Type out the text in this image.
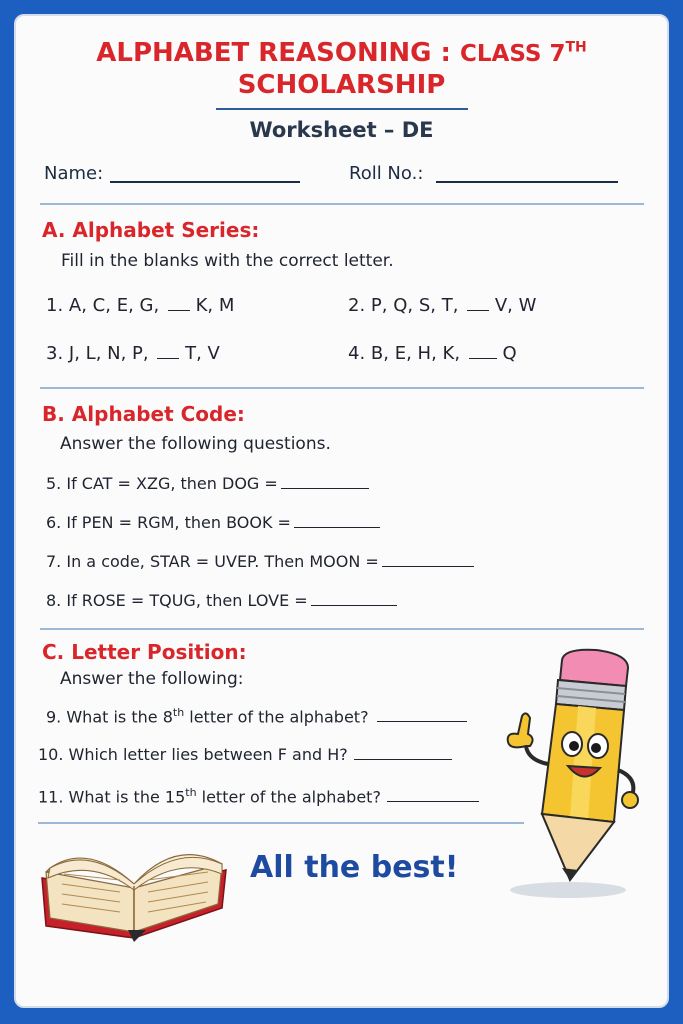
ALPHABET REASONING : CLASS 7TH
SCHOLARSHIP
Worksheet – DE
Name:	Roll No.:
A. Alphabet Series:
Fill in the blanks with the correct letter.
1. A, C, E, G,  K, M	2. P, Q, S, T,  V, W
3. J, L, N, P,  T, V	4. B, E, H, K,  Q
B. Alphabet Code:
Answer the following questions.
5. If CAT = XZG, then DOG =
6. If PEN = RGM, then BOOK =
7. In a code, STAR = UVEP. Then MOON =
8. If ROSE = TQUG, then LOVE =
C. Letter Position:
Answer the following:
9. What is the 8th letter of the alphabet?
10. Which letter lies between F and H?
11. What is the 15th letter of the alphabet?
All the best!
